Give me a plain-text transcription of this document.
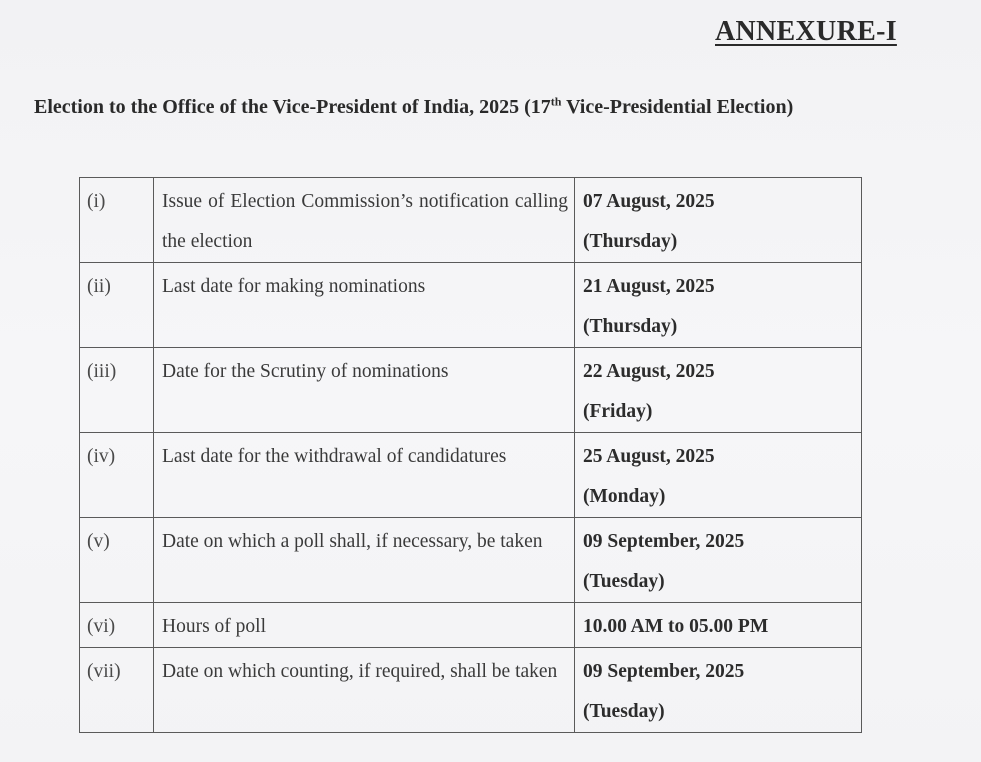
ANNEXURE-I
Election to the Office of the Vice-President of India, 2025 (17th Vice-Presidential Election)
(i)	Issue of Election Commission’s notification calling the election	07 August, 2025
(Thursday)

(ii)	Last date for making nominations	21 August, 2025
(Thursday)

(iii)	Date for the Scrutiny of nominations	22 August, 2025
(Friday)

(iv)	Last date for the withdrawal of candidatures	25 August, 2025
(Monday)

(v)	Date on which a poll shall, if necessary, be taken	09 September, 2025
(Tuesday)

(vi)	Hours of poll	10.00 AM to 05.00 PM

(vii)	Date on which counting, if required, shall be taken	09 September, 2025
(Tuesday)
